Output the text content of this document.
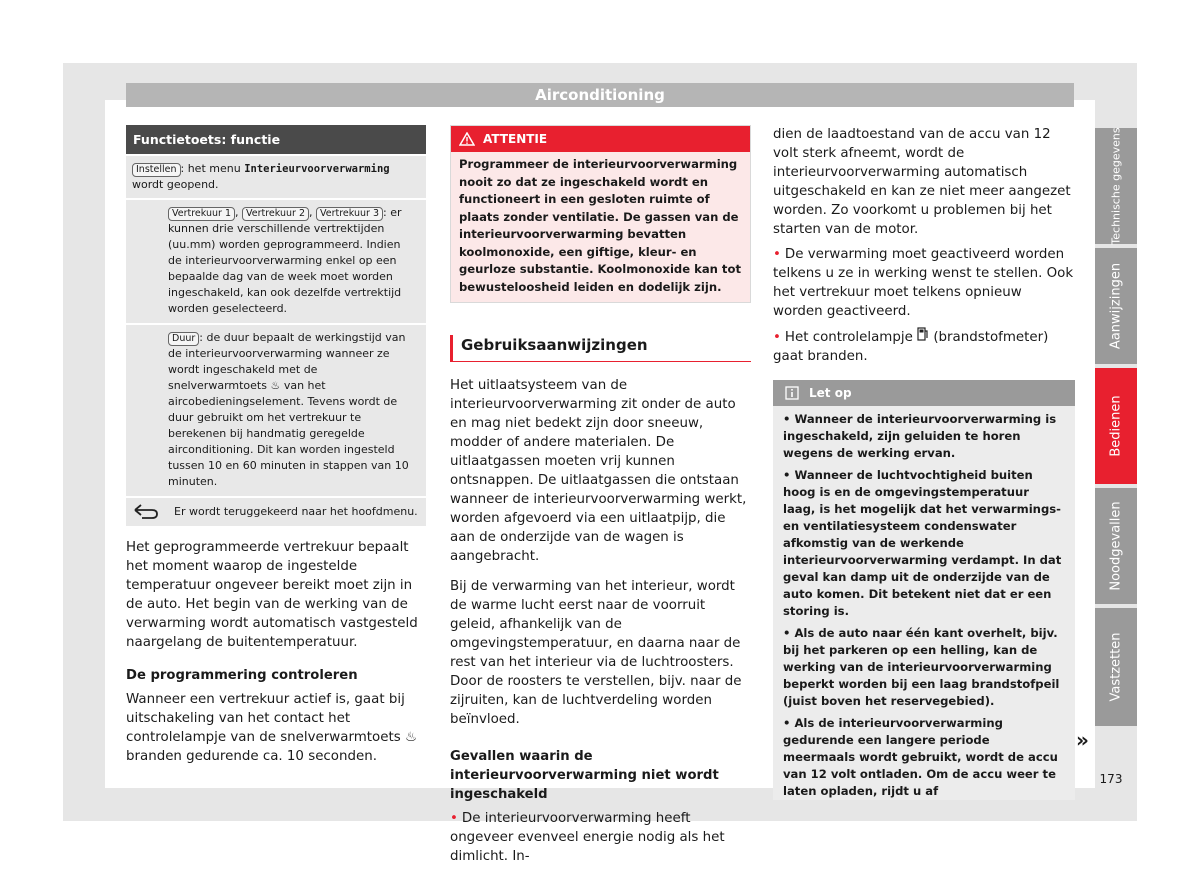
Airconditioning
Functietoets: functie
Instellen : het menu Interieurvoorverwarming wordt geopend.
Vertrekuur 1 , Vertrekuur 2 , Vertrekuur 3 : er kunnen drie verschillende vertrektijden (uu.mm) worden geprogrammeerd. Indien de interieurvoorverwarming enkel op een bepaalde dag van de week moet worden ingeschakeld, kan ook dezelfde vertrektijd worden geselecteerd.
Duur : de duur bepaalt de werkingstijd van de interieurvoorverwarming wanneer ze wordt ingeschakeld met de snelverwarmtoets ♨ van het aircobedieningselement. Tevens wordt de duur gebruikt om het vertrekuur te berekenen bij handmatig geregelde airconditioning. Dit kan worden ingesteld tussen 10 en 60 minuten in stappen van 10 minuten.
Er wordt teruggekeerd naar het hoofdmenu.

Het geprogrammeerde vertrekuur bepaalt het moment waarop de ingestelde temperatuur ongeveer bereikt moet zijn in de auto. Het begin van de werking van de verwarming wordt automatisch vastgesteld naargelang de buitentemperatuur.

De programmering controleren

Wanneer een vertrekuur actief is, gaat bij uitschakeling van het contact het controlelampje van de snelverwarmtoets ♨ branden gedurende ca. 10 seconden.

ATTENTIE
Programmeer de interieurvoorverwarming nooit zo dat ze ingeschakeld wordt en functioneert in een gesloten ruimte of plaats zonder ventilatie. De gassen van de interieurvoorverwarming bevatten koolmonoxide, een giftige, kleur- en geurloze substantie. Koolmonoxide kan tot bewusteloosheid leiden en dodelijk zijn.
Gebruiksaanwijzingen

Het uitlaatsysteem van de interieurvoorverwarming zit onder de auto en mag niet bedekt zijn door sneeuw, modder of andere materialen. De uitlaatgassen moeten vrij kunnen ontsnappen. De uitlaatgassen die ontstaan wanneer de interieurvoorverwarming werkt, worden afgevoerd via een uitlaatpijp, die aan de onderzijde van de wagen is aangebracht.

Bij de verwarming van het interieur, wordt de warme lucht eerst naar de voorruit geleid, afhankelijk van de omgevingstemperatuur, en daarna naar de rest van het interieur via de luchtroosters. Door de roosters te verstellen, bijv. naar de zijruiten, kan de luchtverdeling worden beïnvloed.

Gevallen waarin de interieurvoorverwarming niet wordt ingeschakeld

• De interieurvoorverwarming heeft ongeveer evenveel energie nodig als het dimlicht. In-

dien de laadtoestand van de accu van 12 volt sterk afneemt, wordt de interieurvoorverwarming automatisch uitgeschakeld en kan ze niet meer aangezet worden. Zo voorkomt u problemen bij het starten van de motor.

• De verwarming moet geactiveerd worden telkens u ze in werking wenst te stellen. Ook het vertrekuur moet telkens opnieuw worden geactiveerd.

• Het controlelampje  (brandstofmeter) gaat branden.

Let op

• Wanneer de interieurvoorverwarming is ingeschakeld, zijn geluiden te horen wegens de werking ervan.

• Wanneer de luchtvochtigheid buiten hoog is en de omgevingstemperatuur laag, is het mogelijk dat het verwarmings- en ventilatiesysteem condenswater afkomstig van de werkende interieurvoorverwarming verdampt. In dat geval kan damp uit de onderzijde van de auto komen. Dit betekent niet dat er een storing is.

• Als de auto naar één kant overhelt, bijv. bij het parkeren op een helling, kan de werking van de interieurvoorverwarming beperkt worden bij een laag brandstofpeil (juist boven het reservegebied).

• Als de interieurvoorverwarming gedurende een langere periode meermaals wordt gebruikt, wordt de accu van 12 volt ontladen. Om de accu weer te laten opladen, rijdt u af

»
Technische gegevens
Aanwijzingen
Bedienen
Noodgevallen
Vastzetten
173
